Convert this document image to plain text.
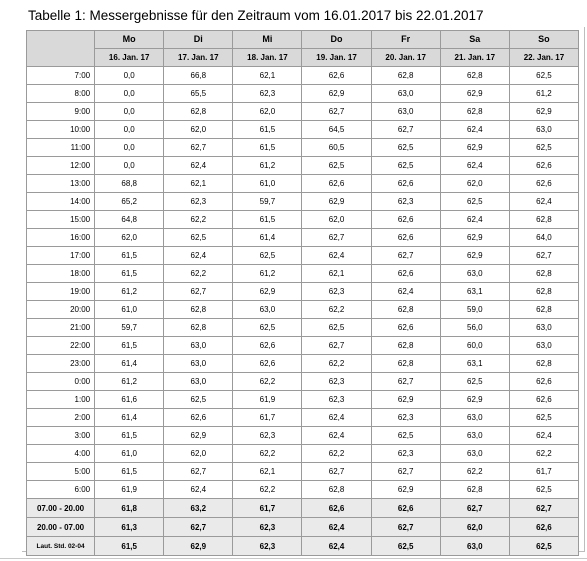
Tabelle 1: Messergebnisse für den Zeitraum vom 16.01.2017 bis 22.01.2017
	Mo	Di	Mi	Do	Fr	Sa	So
	16. Jan. 17	17. Jan. 17	18. Jan. 17	19. Jan. 17	20. Jan. 17	21. Jan. 17	22. Jan. 17
7:00	0,0	66,8	62,1	62,6	62,8	62,8	62,5
8:00	0,0	65,5	62,3	62,9	63,0	62,9	61,2
9:00	0,0	62,8	62,0	62,7	63,0	62,8	62,9
10:00	0,0	62,0	61,5	64,5	62,7	62,4	63,0
11:00	0,0	62,7	61,5	60,5	62,5	62,9	62,5
12:00	0,0	62,4	61,2	62,5	62,5	62,4	62,6
13:00	68,8	62,1	61,0	62,6	62,6	62,0	62,6
14:00	65,2	62,3	59,7	62,9	62,3	62,5	62,4
15:00	64,8	62,2	61,5	62,0	62,6	62,4	62,8
16:00	62,0	62,5	61,4	62,7	62,6	62,9	64,0
17:00	61,5	62,4	62,5	62,4	62,7	62,9	62,7
18:00	61,5	62,2	61,2	62,1	62,6	63,0	62,8
19:00	61,2	62,7	62,9	62,3	62,4	63,1	62,8
20:00	61,0	62,8	63,0	62,2	62,8	59,0	62,8
21:00	59,7	62,8	62,5	62,5	62,6	56,0	63,0
22:00	61,5	63,0	62,6	62,7	62,8	60,0	63,0
23:00	61,4	63,0	62,6	62,2	62,8	63,1	62,8
0:00	61,2	63,0	62,2	62,3	62,7	62,5	62,6
1:00	61,6	62,5	61,9	62,3	62,9	62,9	62,6
2:00	61,4	62,6	61,7	62,4	62,3	63,0	62,5
3:00	61,5	62,9	62,3	62,4	62,5	63,0	62,4
4:00	61,0	62,0	62,2	62,2	62,3	63,0	62,2
5:00	61,5	62,7	62,1	62,7	62,7	62,2	61,7
6:00	61,9	62,4	62,2	62,8	62,9	62,8	62,5
07.00 - 20.00	61,8	63,2	61,7	62,6	62,6	62,7	62,7
20.00 - 07.00	61,3	62,7	62,3	62,4	62,7	62,0	62,6
Laut. Std. 02-04	61,5	62,9	62,3	62,4	62,5	63,0	62,5
